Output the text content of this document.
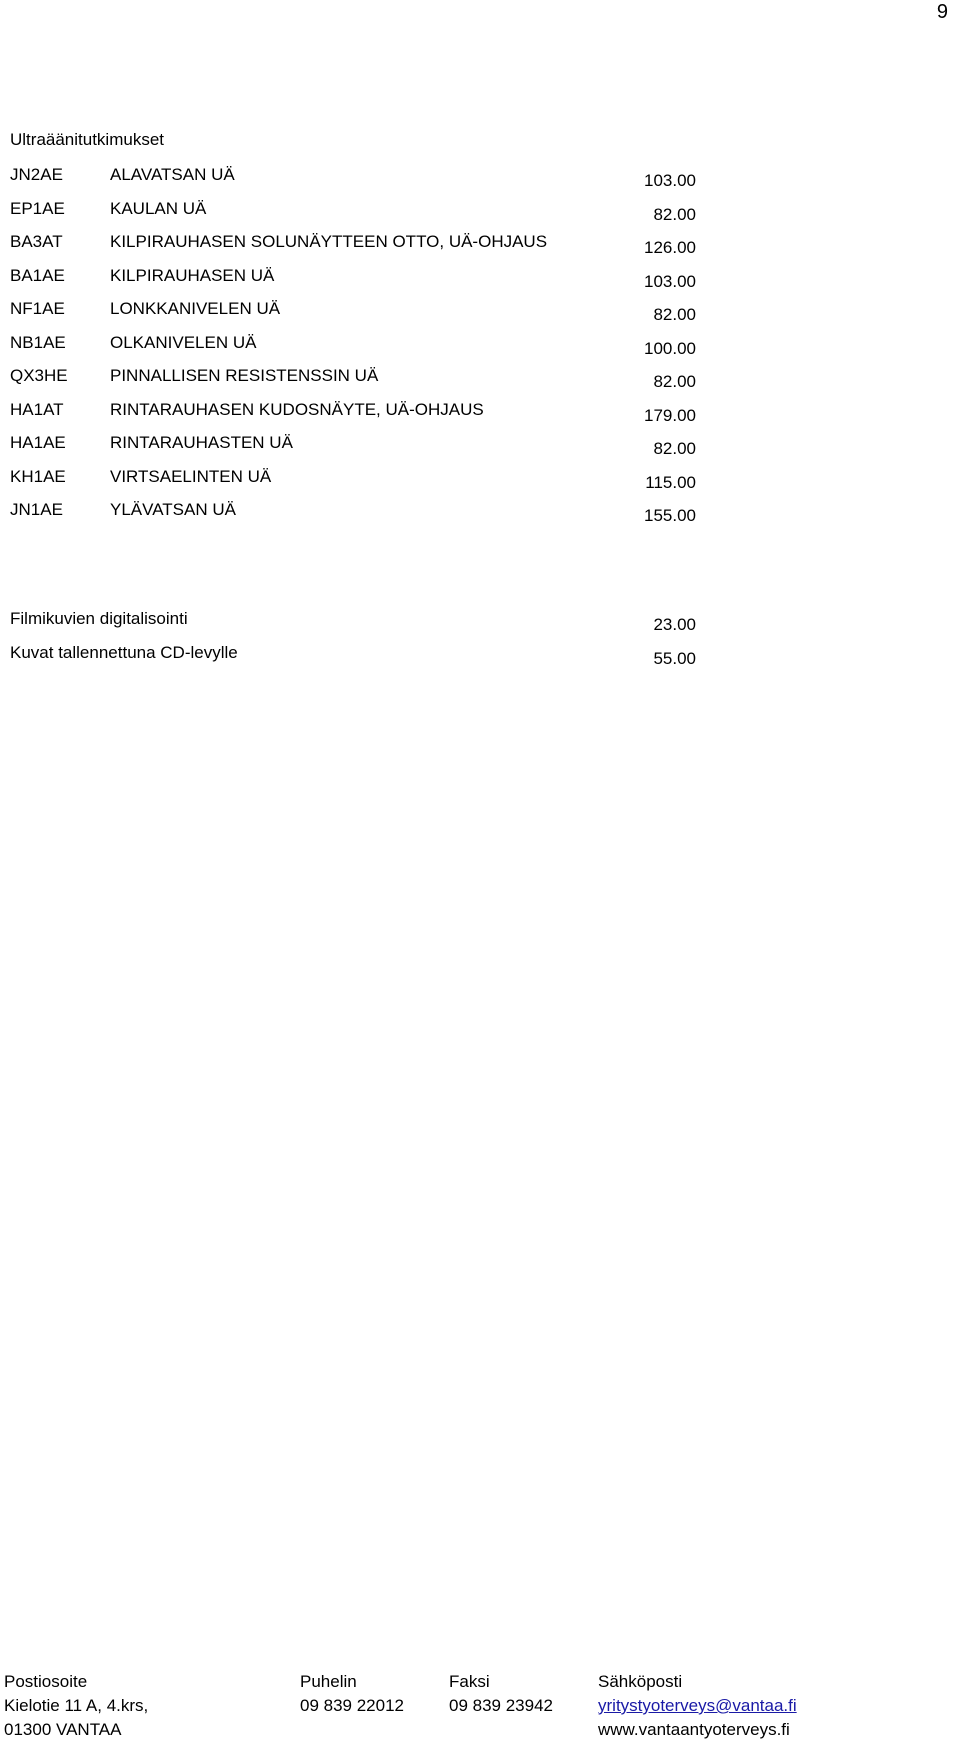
9
Ultraäänitutkimukset
JN2AE	ALAVATSAN UÄ	103.00
EP1AE	KAULAN UÄ	82.00
BA3AT	KILPIRAUHASEN SOLUNÄYTTEEN OTTO, UÄ-OHJAUS	126.00
BA1AE	KILPIRAUHASEN UÄ	103.00
NF1AE	LONKKANIVELEN UÄ	82.00
NB1AE	OLKANIVELEN UÄ	100.00
QX3HE PINNALLISEN RESISTENSSIN UÄ	82.00
HA1AT	RINTARAUHASEN KUDOSNÄYTE, UÄ-OHJAUS	179.00
HA1AE	RINTARAUHASTEN UÄ	82.00
KH1AE	VIRTSAELINTEN UÄ	115.00
JN1AE	YLÄVATSAN UÄ	155.00
Filmikuvien digitalisointi	23.00
Kuvat tallennettuna CD-levylle	55.00
Postiosoite
Kielotie 11 A, 4.krs,
01300 VANTAA
Puhelin
09 839 22012
Faksi
09 839 23942
Sähköposti
yritystyoterveys@vantaa.fi
www.vantaantyoterveys.fi
